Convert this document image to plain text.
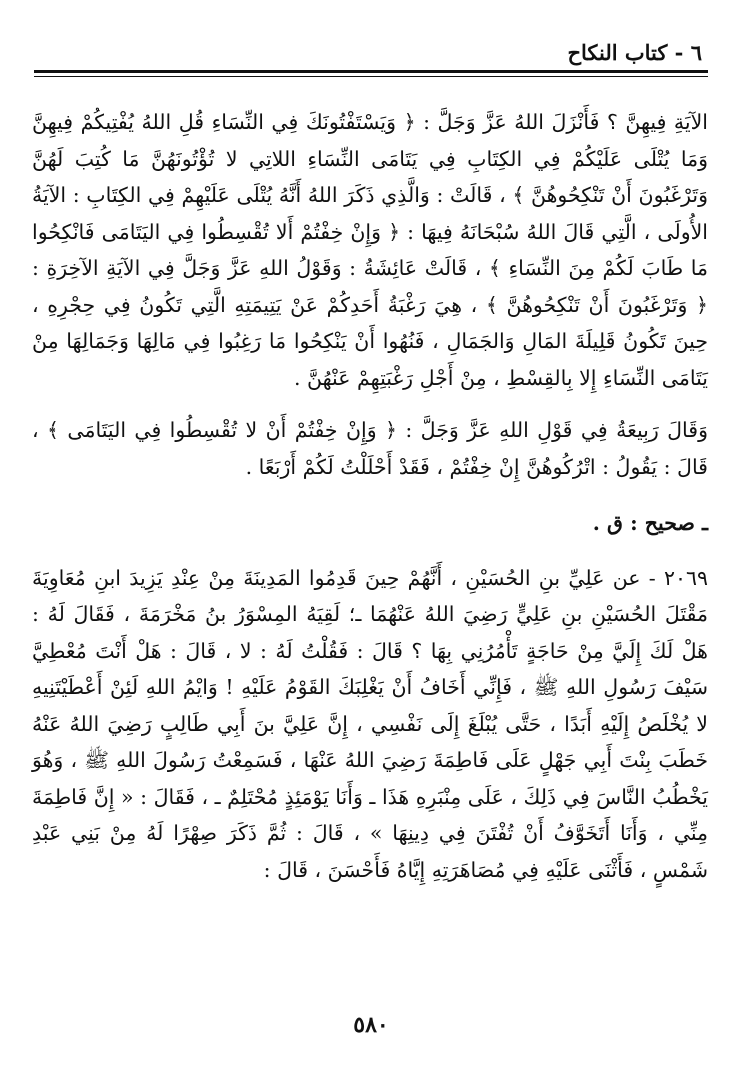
٦ - كتاب النكاح

الآيَةِ فِيهِنَّ ؟ فَأَنْزَلَ اللهُ عَزَّ وَجَلَّ : ﴿ وَيَسْتَفْتُونَكَ فِي النِّسَاءِ قُلِ اللهُ يُفْتِيكُمْ فِيهِنَّ وَمَا يُتْلَى عَلَيْكُمْ فِي الكِتَابِ فِي يَتَامَى النِّسَاءِ اللاتِي لا تُؤْتُونَهُنَّ مَا كُتِبَ لَهُنَّ وَتَرْغَبُونَ أَنْ تَنْكِحُوهُنَّ ﴾ ، قَالَتْ : وَالَّذِي ذَكَرَ اللهُ أَنَّهُ يُتْلَى عَلَيْهِمْ فِي الكِتَابِ : الآيَةُ الأُولَى ، الَّتِي قَالَ اللهُ سُبْحَانَهُ فِيهَا : ﴿ وَإِنْ خِفْتُمْ أَلا تُقْسِطُوا فِي اليَتَامَى فَانْكِحُوا مَا طَابَ لَكُمْ مِنَ النِّسَاءِ ﴾ ، قَالَتْ عَائِشَةُ : وَقَوْلُ اللهِ عَزَّ وَجَلَّ فِي الآيَةِ الآخِرَةِ : ﴿ وَتَرْغَبُونَ أَنْ تَنْكِحُوهُنَّ ﴾ ، هِيَ رَغْبَةُ أَحَدِكُمْ عَنْ يَتِيمَتِهِ الَّتِي تَكُونُ فِي حِجْرِهِ ، حِينَ تَكُونُ قَلِيلَةَ المَالِ وَالجَمَالِ ، فَنُهُوا أَنْ يَنْكِحُوا مَا رَغِبُوا فِي مَالِهَا وَجَمَالِهَا مِنْ يَتَامَى النِّسَاءِ إِلا بِالقِسْطِ ، مِنْ أَجْلِ رَغْبَتِهِمْ عَنْهُنَّ .

وَقَالَ رَبِيعَةُ فِي قَوْلِ اللهِ عَزَّ وَجَلَّ : ﴿ وَإِنْ خِفْتُمْ أَنْ لا تُقْسِطُوا فِي اليَتَامَى ﴾ ، قَالَ : يَقُولُ : اتْرُكُوهُنَّ إِنْ خِفْتُمْ ، فَقَدْ أَحْلَلْتُ لَكُمْ أَرْبَعًا .

ـ صحيح : ق .

٢٠٦٩ - عن عَلِيِّ بنِ الحُسَيْنِ ، أَنَّهُمْ حِينَ قَدِمُوا المَدِينَةَ مِنْ عِنْدِ يَزِيدَ ابنِ مُعَاوِيَةَ مَقْتَلَ الحُسَيْنِ بنِ عَلِيٍّ رَضِيَ اللهُ عَنْهُمَا ـ؛ لَقِيَهُ المِسْوَرُ بنُ مَخْرَمَةَ ، فَقَالَ لَهُ : هَلْ لَكَ إِلَيَّ مِنْ حَاجَةٍ تَأْمُرُنِي بِهَا ؟ قَالَ : فَقُلْتُ لَهُ : لا ، قَالَ : هَلْ أَنْتَ مُعْطِيَّ سَيْفَ رَسُولِ اللهِ ﷺ ، فَإِنِّي أَخَافُ أَنْ يَغْلِبَكَ القَوْمُ عَلَيْهِ ! وَايْمُ اللهِ لَئِنْ أَعْطَيْتَنِيهِ لا يُخْلَصُ إِلَيْهِ أَبَدًا ، حَتَّى يُبْلَغَ إِلَى نَفْسِي ، إِنَّ عَلِيَّ بنَ أَبِي طَالِبٍ رَضِيَ اللهُ عَنْهُ خَطَبَ بِنْتَ أَبِي جَهْلٍ عَلَى فَاطِمَةَ رَضِيَ اللهُ عَنْهَا ، فَسَمِعْتُ رَسُولَ اللهِ ﷺ ، وَهُوَ يَخْطُبُ النَّاسَ فِي ذَلِكَ ، عَلَى مِنْبَرِهِ هَذَا ـ وَأَنَا يَوْمَئِذٍ مُحْتَلِمٌ ـ ، فَقَالَ : « إِنَّ فَاطِمَةَ مِنِّي ، وَأَنَا أَتَخَوَّفُ أَنْ تُفْتَنَ فِي دِينِهَا » ، قَالَ : ثُمَّ ذَكَرَ صِهْرًا لَهُ مِنْ بَنِي عَبْدِ شَمْسٍ ، فَأَثْنَى عَلَيْهِ فِي مُصَاهَرَتِهِ إِيَّاهُ فَأَحْسَنَ ، قَالَ :

٥٨٠
